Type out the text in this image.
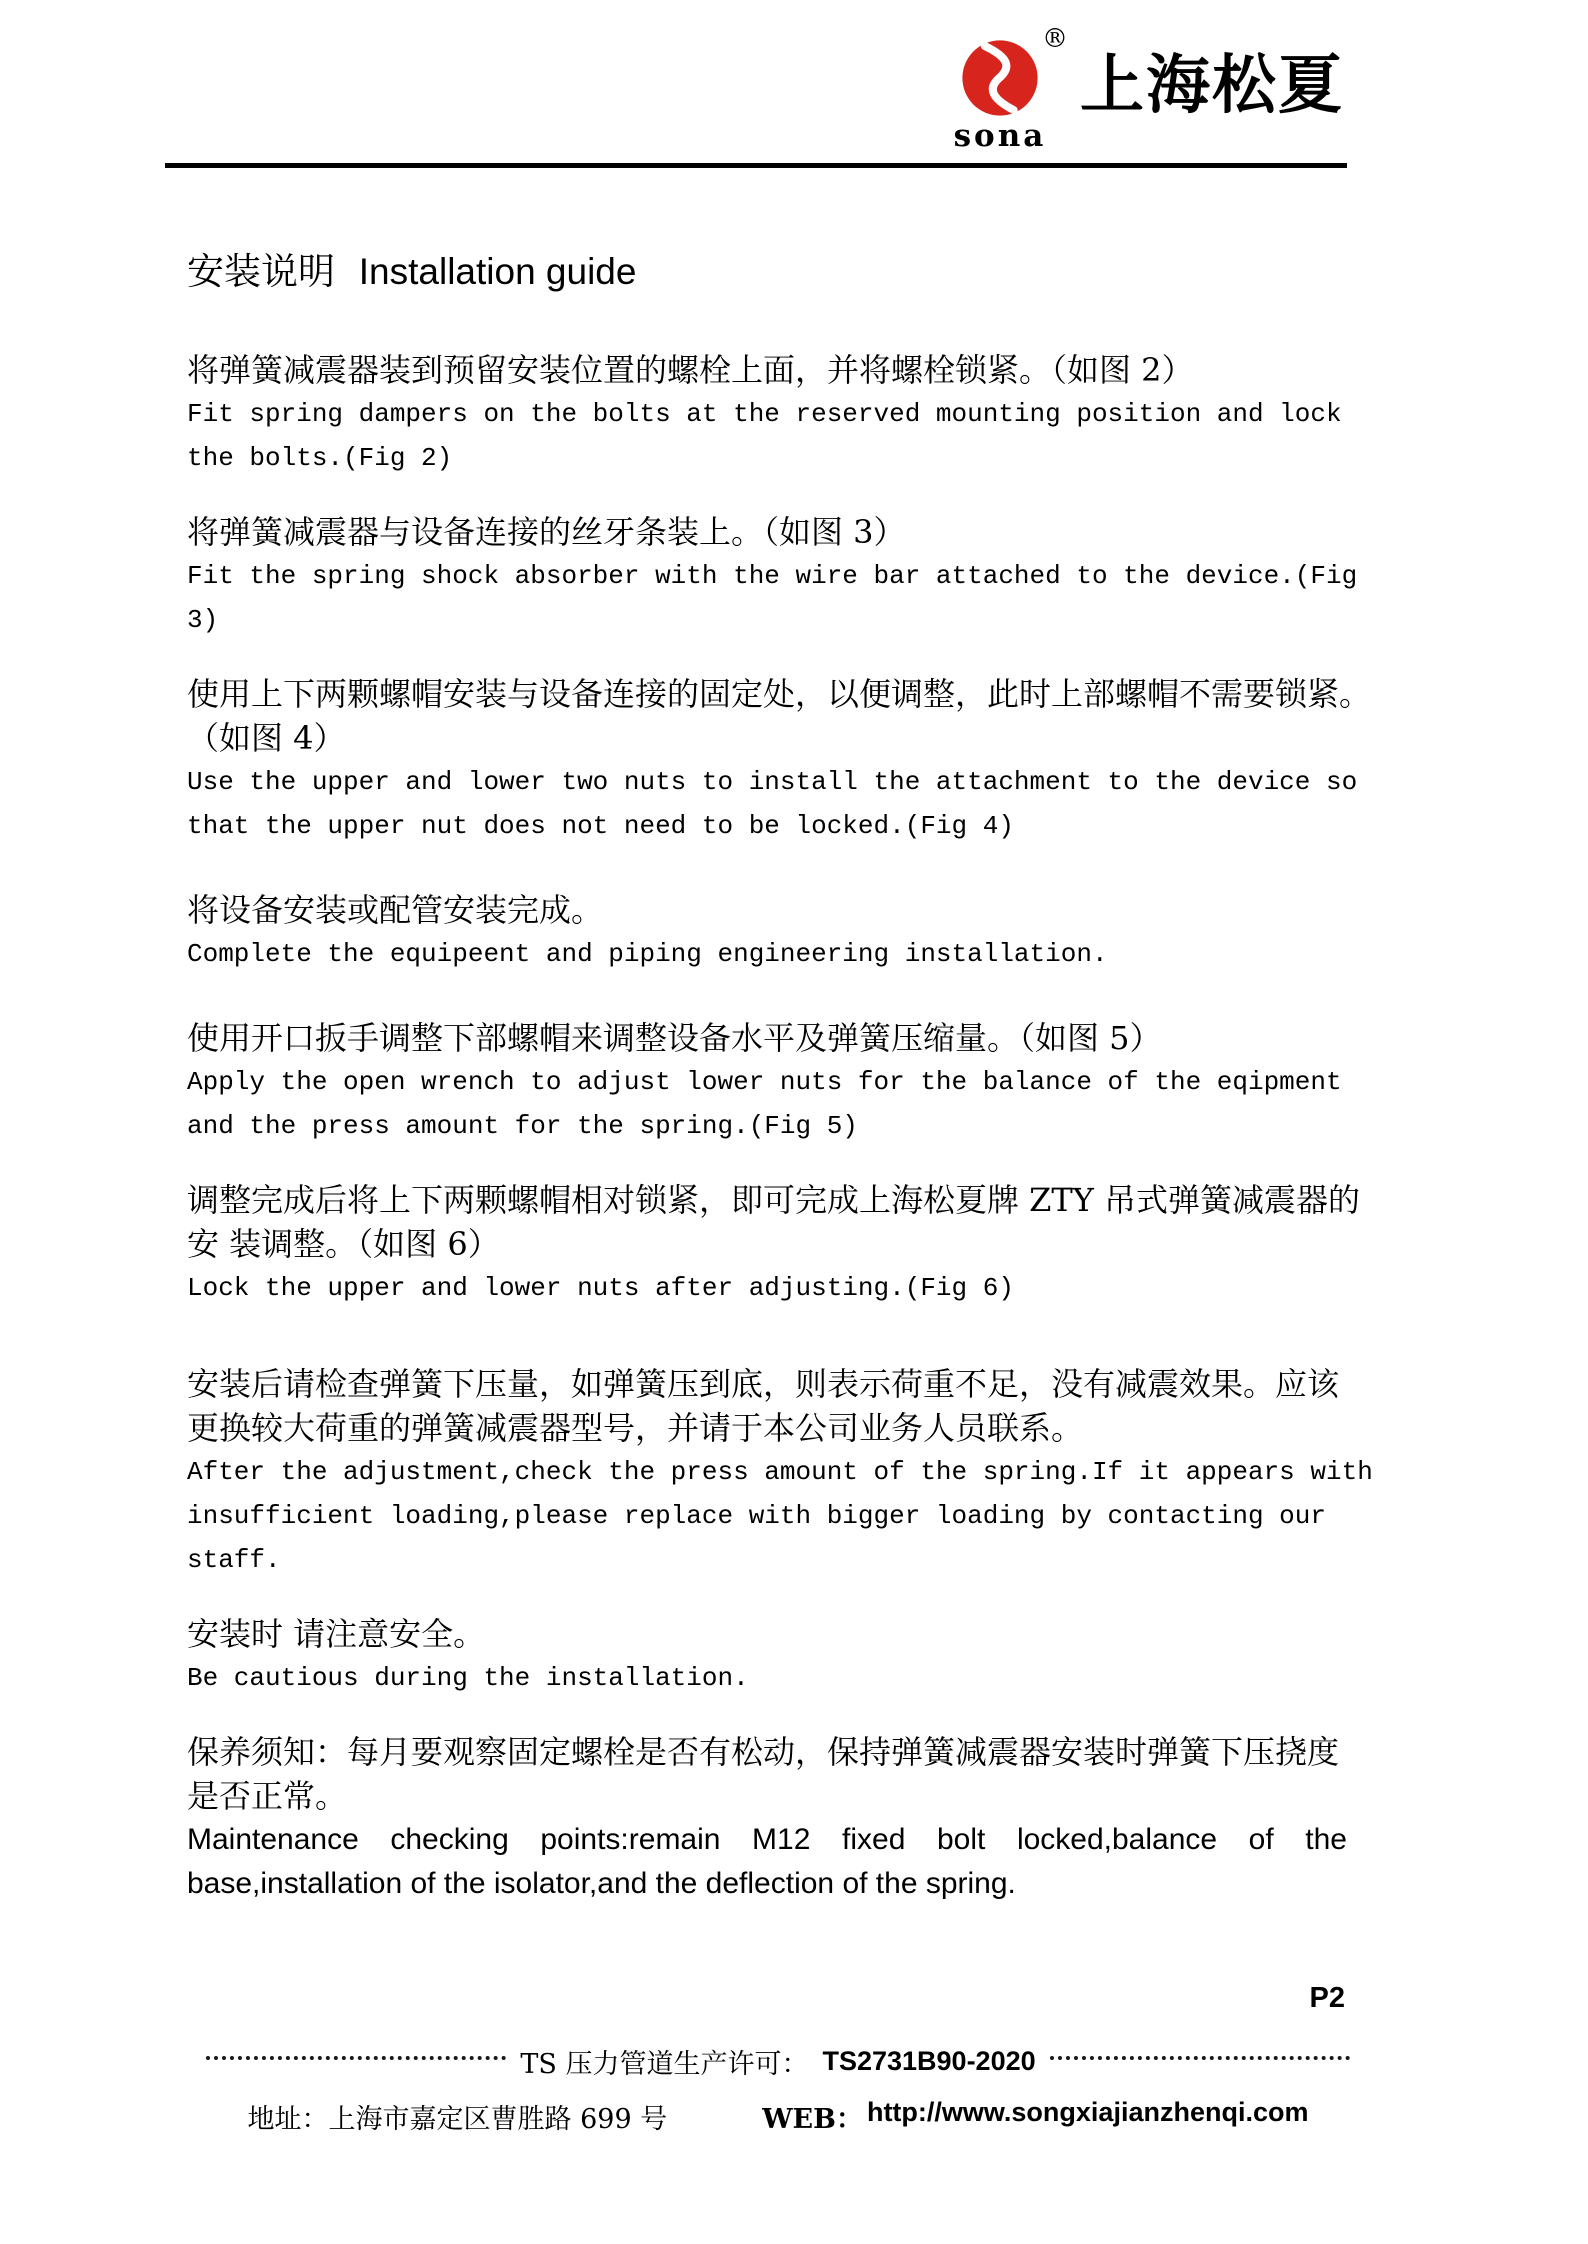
®
sona
上海松夏
安装说明 Installation guide
将弹簧减震器装到预留安装位置的螺栓上面，并将螺栓锁紧。（如图 2）
Fit spring dampers on the bolts at the reserved mounting position and lock
the bolts.(Fig 2)
将弹簧减震器与设备连接的丝牙条装上。（如图 3）
Fit the spring shock absorber with the wire bar attached to the device.(Fig
3)
使用上下两颗螺帽安装与设备连接的固定处，以便调整，此时上部螺帽不需要锁紧。
（如图 4）
Use the upper and lower two nuts to install the attachment to the device so
that the upper nut does not need to be locked.(Fig 4)
将设备安装或配管安装完成。
Complete the equipeent and piping engineering installation.
使用开口扳手调整下部螺帽来调整设备水平及弹簧压缩量。（如图 5）
Apply the open wrench to adjust lower nuts for the balance of the eqipment
and the press amount for the spring.(Fig 5)
调整完成后将上下两颗螺帽相对锁紧，即可完成上海松夏牌 ZTY 吊式弹簧减震器的
安 装调整。（如图 6）
Lock the upper and lower nuts after adjusting.(Fig 6)
安装后请检查弹簧下压量，如弹簧压到底，则表示荷重不足，没有减震效果。应该
更换较大荷重的弹簧减震器型号，并请于本公司业务人员联系。
After the adjustment,check the press amount of the spring.If it appears with
insufficient loading,please replace with bigger loading by contacting our
staff.
安装时 请注意安全。
Be cautious during the installation.
保养须知：每月要观察固定螺栓是否有松动，保持弹簧减震器安装时弹簧下压挠度
是否正常。
Maintenance checking points:remain M12 fixed bolt locked,balance of the
base,installation of the isolator,and the deflection of the spring.
P2
TS 压力管道生产许可： TS2731B90-2020
地址：上海市嘉定区曹胜路 699 号	WEB： http://www.songxiajianzhenqi.com
